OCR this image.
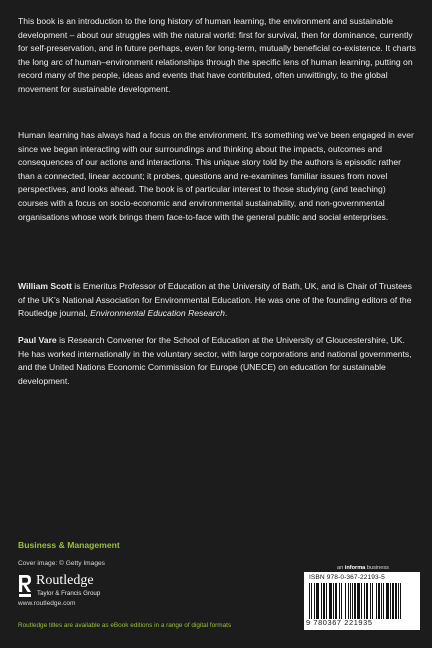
This book is an introduction to the long history of human learning, the environment and sustainable development – about our struggles with the natural world: first for survival, then for dominance, currently for self-preservation, and in future perhaps, even for long-term, mutually beneficial co-existence. It charts the long arc of human–environment relationships through the specific lens of human learning, putting on record many of the people, ideas and events that have contributed, often unwittingly, to the global movement for sustainable development.

Human learning has always had a focus on the environment. It’s something we’ve been engaged in ever since we began interacting with our surroundings and thinking about the impacts, outcomes and consequences of our actions and interactions. This unique story told by the authors is episodic rather than a connected, linear account; it probes, questions and re-examines familiar issues from novel perspectives, and looks ahead. The book is of particular interest to those studying (and teaching) courses with a focus on socio-economic and environmental sustainability, and non-governmental organisations whose work brings them face-to-face with the general public and social enterprises.

William Scott is Emeritus Professor of Education at the University of Bath, UK, and is Chair of Trustees of the UK’s National Association for Environmental Education. He was one of the founding editors of the Routledge journal, Environmental Education Research.

Paul Vare is Research Convener for the School of Education at the University of Gloucestershire, UK. He has worked internationally in the voluntary sector, with large corporations and national governments, and the United Nations Economic Commission for Europe (UNECE) on education for sustainable development.

Business & Management
Cover image: © Getty Images
Routledge
Taylor & Francis Group
www.routledge.com
Routledge titles are available as eBook editions in a range of digital formats
an informa business
ISBN 978-0-367-22193-5
9 780367 221935
